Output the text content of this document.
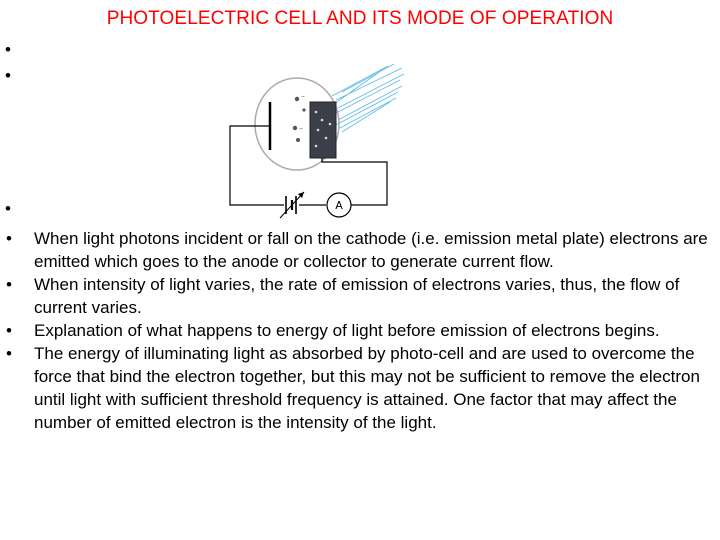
PHOTOELECTRIC CELL AND ITS MODE OF OPERATION
•
•
•
−
−
A
• When light photons incident or fall on the cathode (i.e. emission metal plate) electrons are emitted which goes to the anode or collector to generate current flow.
• When intensity of light varies, the rate of emission of electrons varies, thus, the flow of current varies.
• Explanation of what happens to energy of light before emission of electrons begins.
• The energy of illuminating light as absorbed by photo-cell and are used to overcome the force that bind the electron together, but this may not be sufficient to remove the electron until light with sufficient threshold frequency is attained. One factor that may affect the number of emitted electron is the intensity of the light.
